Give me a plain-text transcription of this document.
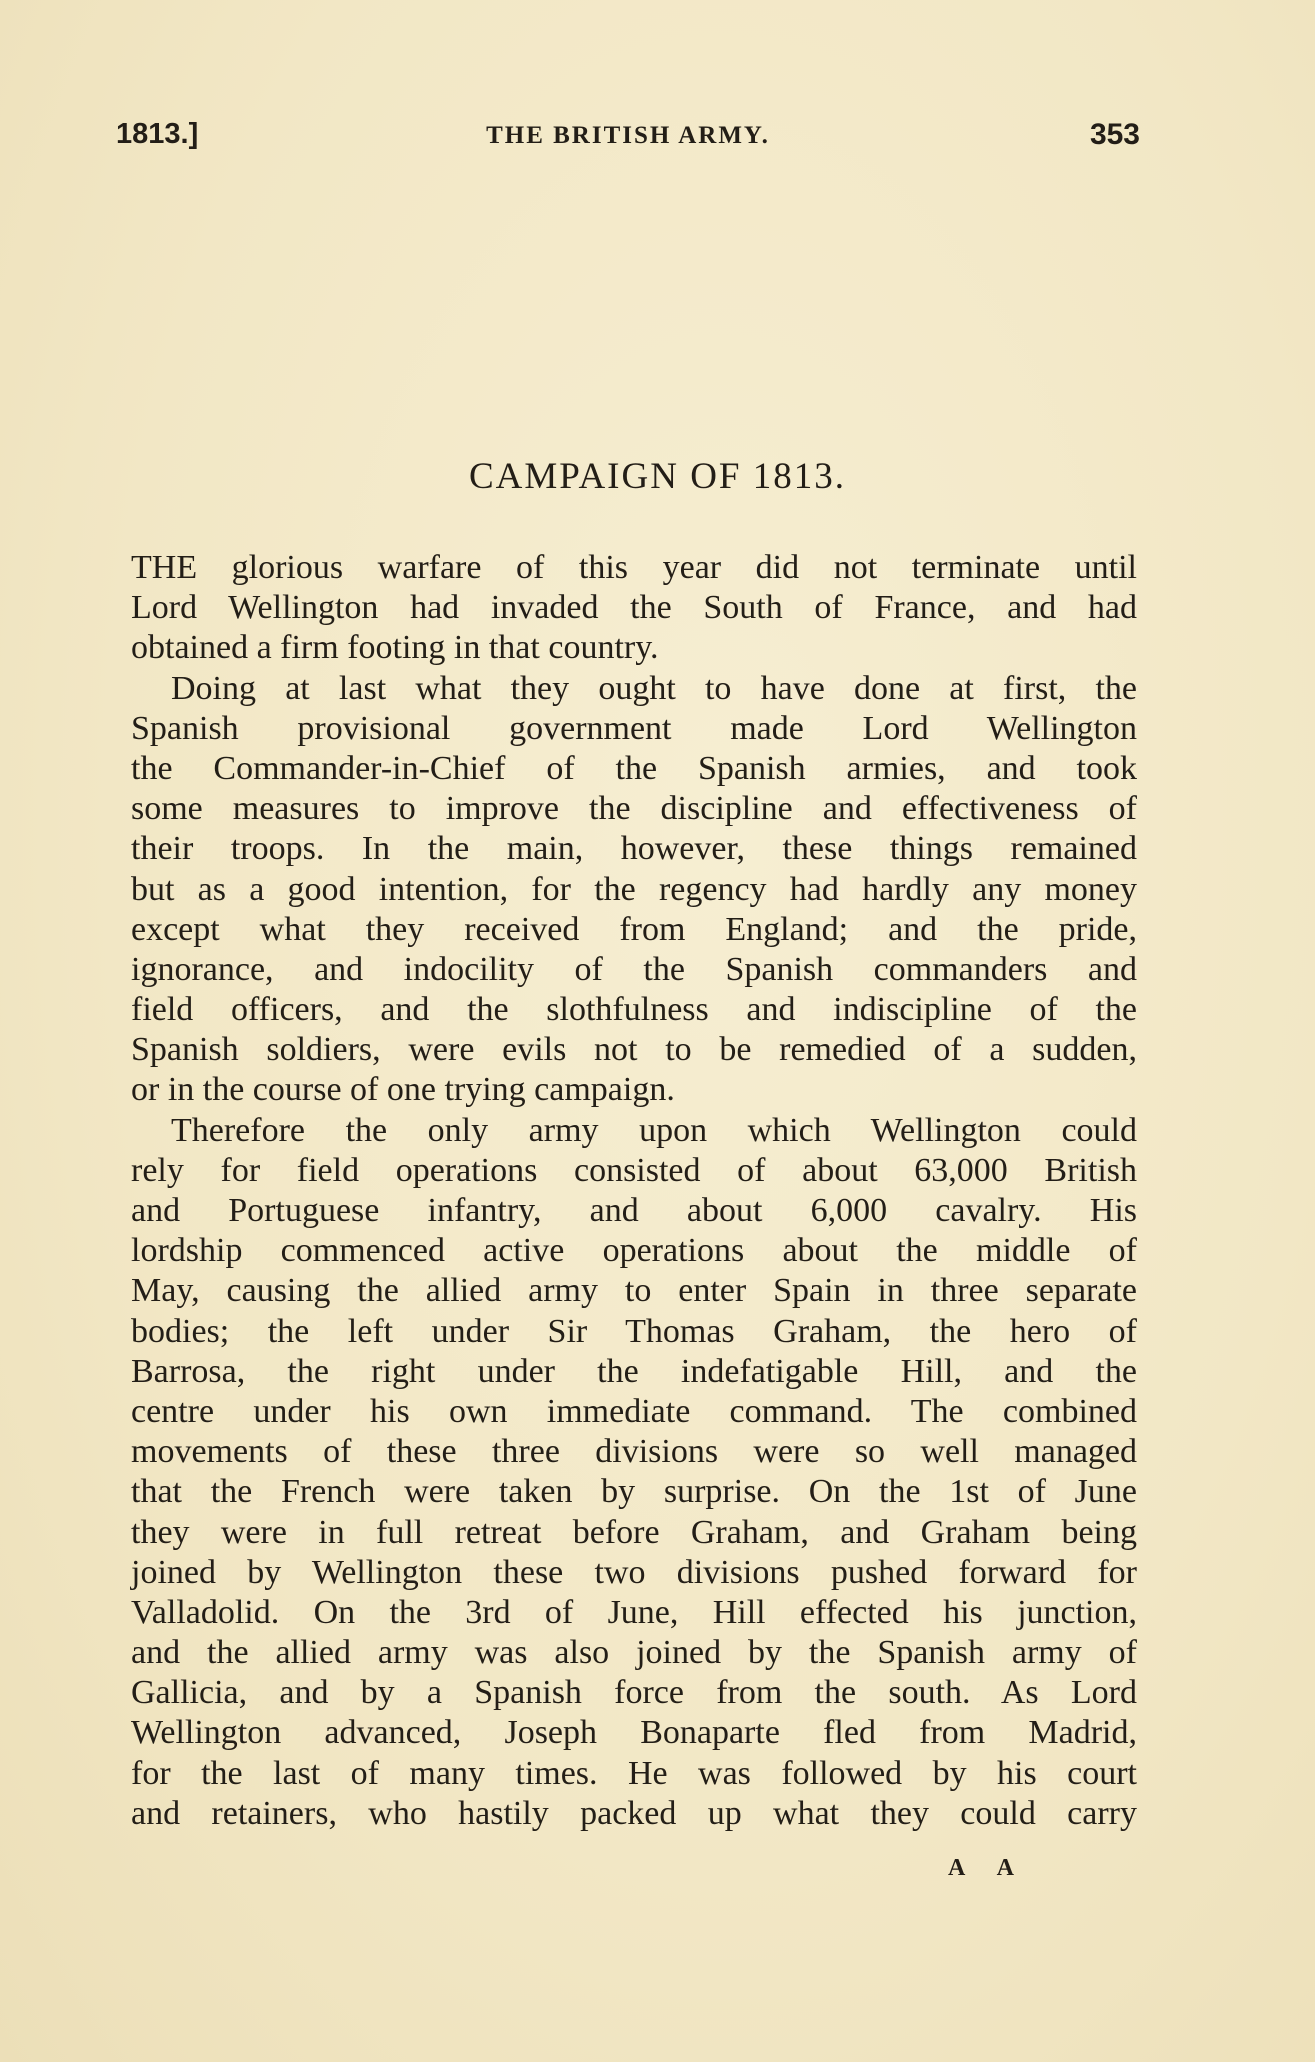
1813.]	THE BRITISH ARMY.	353
CAMPAIGN OF 1813.
THE glorious warfare of this year did not terminate until
Lord Wellington had invaded the South of France, and had
obtained a firm footing in that country.
Doing at last what they ought to have done at first, the
Spanish provisional government made Lord Wellington
the Commander-in-Chief of the Spanish armies, and took
some measures to improve the discipline and effectiveness of
their troops. In the main, however, these things remained
but as a good intention, for the regency had hardly any money
except what they received from England; and the pride,
ignorance, and indocility of the Spanish commanders and
field officers, and the slothfulness and indiscipline of the
Spanish soldiers, were evils not to be remedied of a sudden,
or in the course of one trying campaign.
Therefore the only army upon which Wellington could
rely for field operations consisted of about 63,000 British
and Portuguese infantry, and about 6,000 cavalry. His
lordship commenced active operations about the middle of
May, causing the allied army to enter Spain in three separate
bodies; the left under Sir Thomas Graham, the hero of
Barrosa, the right under the indefatigable Hill, and the
centre under his own immediate command. The combined
movements of these three divisions were so well managed
that the French were taken by surprise. On the 1st of June
they were in full retreat before Graham, and Graham being
joined by Wellington these two divisions pushed forward for
Valladolid. On the 3rd of June, Hill effected his junction,
and the allied army was also joined by the Spanish army of
Gallicia, and by a Spanish force from the south. As Lord
Wellington advanced, Joseph Bonaparte fled from Madrid,
for the last of many times. He was followed by his court
and retainers, who hastily packed up what they could carry
A A
